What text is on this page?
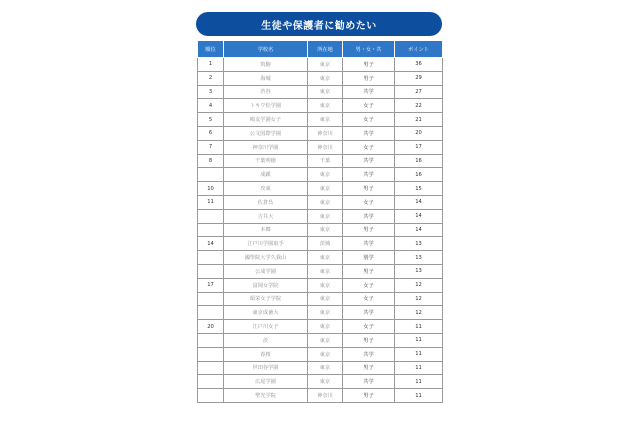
生徒や保護者に勧めたい
順位	学校名	所在地	男・女・共	ポイント
1	筑駒	東京	男子	36
2	海城	東京	男子	29
3	渋谷	東京	共学	27
4	トキワ松学園	東京	女子	22
5	鴎友学園女子	東京	女子	21
6	公文国際学園	神奈川	共学	20
7	神奈川学園	神奈川	女子	17
8	千葉明徳	千葉	共学	16
	成蹊	東京	共学	16
10	攻東	東京	男子	15
11	佐倉呉	東京	女子	14
	吉井大	東京	共学	14
	本郷	東京	男子	14
14	江戸川学園取手	茨城	共学	13
	國學院大学久我山	東京	別学	13
	公成学園	東京	男子	13
17	富岡女学院	東京	女子	12
	頌栄女子学院	東京	女子	12
	東京成徳大	東京	共学	12
20	江戸川女子	東京	女子	11
	茨	東京	男子	11
	春桜	東京	共学	11
	世田谷学園	東京	男子	11
	広尾学園	東京	共学	11
	聖光学院	神奈川	男子	11
